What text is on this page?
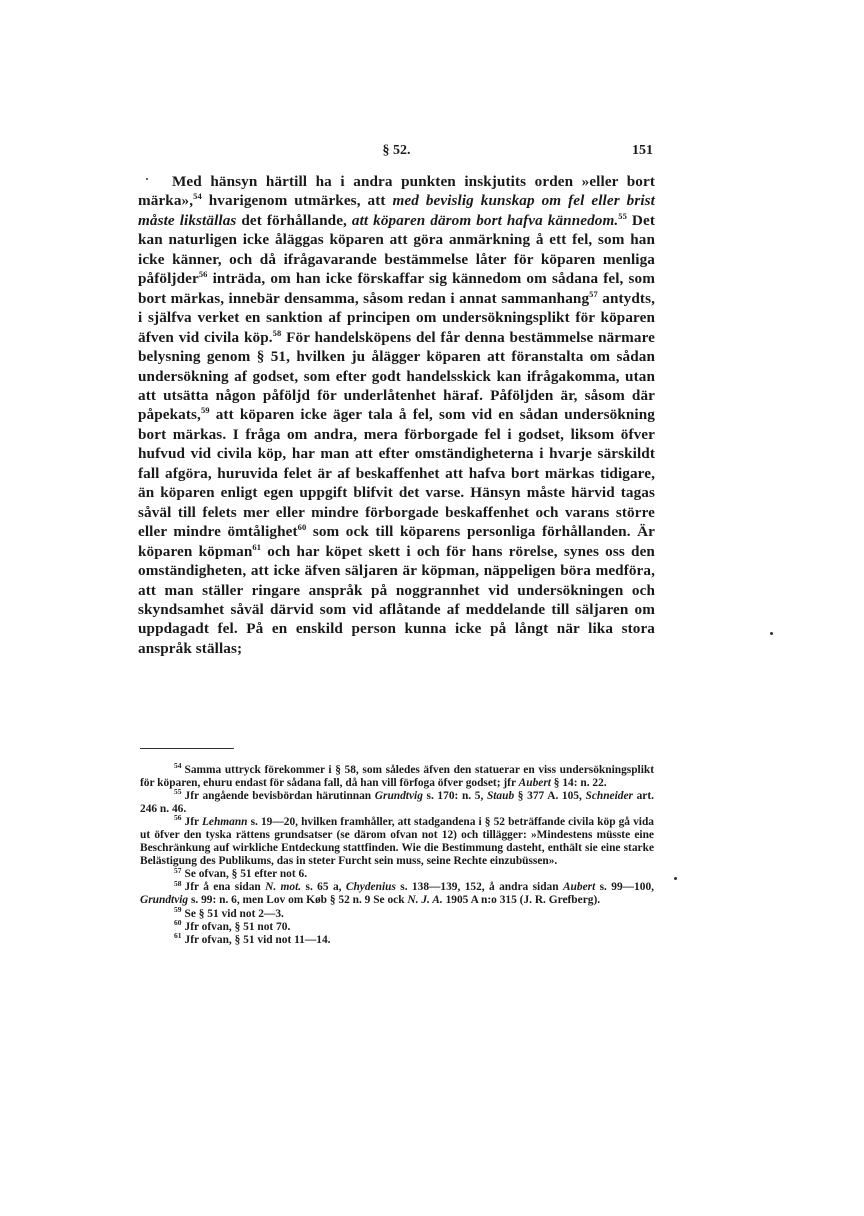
§ 52.	151

Med hänsyn härtill ha i andra punkten inskjutits orden »eller bort märka»,$^{54}$ hvarigenom utmärkes, att med bevislig kunskap om fel eller brist måste likställas det förhållande, att köparen därom bort hafva kännedom.$^{55}$ Det kan naturligen icke åläggas köparen att göra anmärkning å ett fel, som han icke känner, och då ifrågavarande bestämmelse låter för köparen menliga påföljder$^{56}$ inträda, om han icke förskaffar sig kännedom om sådana fel, som bort märkas, innebär densamma, såsom redan i annat sammanhang$^{57}$ antydts, i själfva verket en sanktion af principen om undersökningsplikt för köparen äfven vid civila köp.$^{58}$ För handelsköpens del får denna bestämmelse närmare belysning genom § 51, hvilken ju ålägger köparen att föranstalta om sådan undersökning af godset, som efter godt handelsskick kan ifrågakomma, utan att utsätta någon påföljd för underlåtenhet häraf. Påföljden är, såsom där påpekats,$^{59}$ att köparen icke äger tala å fel, som vid en sådan undersökning bort märkas. I fråga om andra, mera förborgade fel i godset, liksom öfver hufvud vid civila köp, har man att efter omständigheterna i hvarje särskildt fall afgöra, huruvida felet är af beskaffenhet att hafva bort märkas tidigare, än köparen enligt egen uppgift blifvit det varse. Hänsyn måste härvid tagas såväl till felets mer eller mindre förborgade beskaffenhet och varans större eller mindre ömtålighet$^{60}$ som ock till köparens personliga förhållanden. Är köparen köpman$^{61}$ och har köpet skett i och för hans rörelse, synes oss den omständigheten, att icke äfven säljaren är köpman, näppeligen böra medföra, att man ställer ringare anspråk på noggrannhet vid undersökningen och skyndsamhet såväl därvid som vid aflåtande af meddelande till säljaren om uppdagadt fel. På en enskild person kunna icke på långt när lika stora anspråk ställas;

$^{54}$ Samma uttryck förekommer i § 58, som således äfven den statuerar en viss undersökningsplikt för köparen, ehuru endast för sådana fall, då han vill förfoga öfver godset; jfr Aubert § 14: n. 22.

$^{55}$ Jfr angående bevisbördan härutinnan Grundtvig s. 170: n. 5, Staub § 377 A. 105, Schneider art. 246 n. 46.

$^{56}$ Jfr Lehmann s. 19—20, hvilken framhåller, att stadgandena i § 52 beträffande civila köp gå vida ut öfver den tyska rättens grundsatser (se därom ofvan not 12) och tillägger: »Mindestens müsste eine Beschränkung auf wirkliche Entdeckung stattfinden. Wie die Bestimmung dasteht, enthält sie eine starke Belästigung des Publikums, das in steter Furcht sein muss, seine Rechte einzubüssen».

$^{57}$ Se ofvan, § 51 efter not 6.

$^{58}$ Jfr å ena sidan N. mot. s. 65 a, Chydenius s. 138—139, 152, å andra sidan Aubert s. 99—100, Grundtvig s. 99: n. 6, men Lov om Køb § 52 n. 9 Se ock N. J. A. 1905 A n:o 315 (J. R. Grefberg).

$^{59}$ Se § 51 vid not 2—3.

$^{60}$ Jfr ofvan, § 51 not 70.

$^{61}$ Jfr ofvan, § 51 vid not 11—14.
